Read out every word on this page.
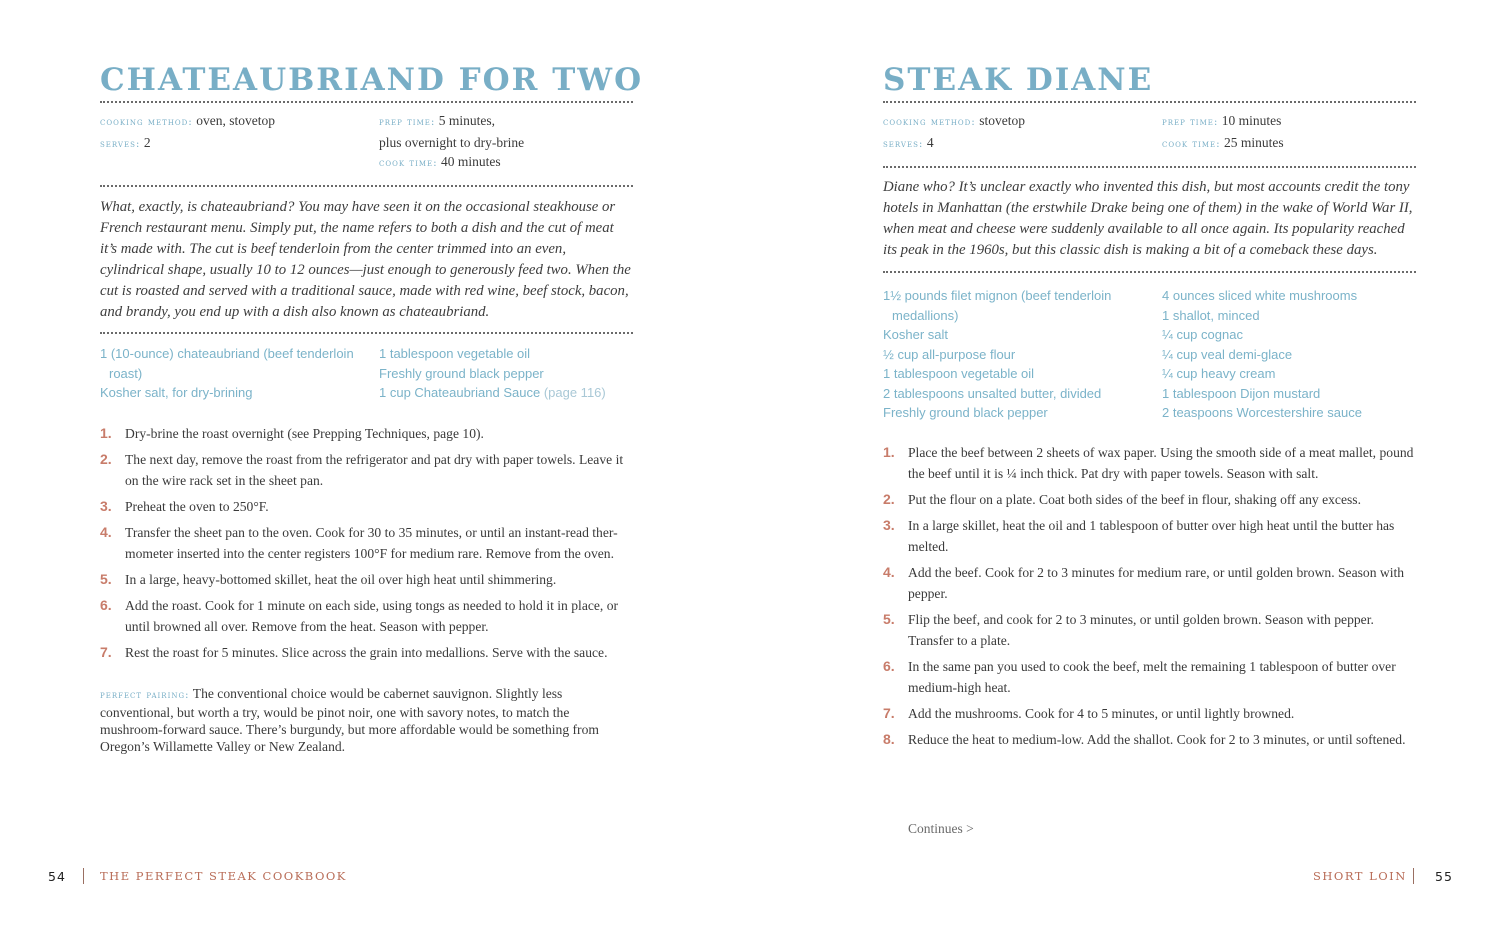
CHATEAUBRIAND FOR TWO
cooking method: oven, stovetop
serves: 2
prep time: 5 minutes,
plus overnight to dry-brine
cook time: 40 minutes

What, exactly, is chateaubriand? You may have seen it on the occasional steakhouse or French restaurant menu. Simply put, the name refers to both a dish and the cut of meat it’s made with. The cut is beef tenderloin from the center trimmed into an even, cylindrical shape, usually 10 to 12 ounces—just enough to generously feed two. When the cut is roasted and served with a traditional sauce, made with red wine, beef stock, bacon, and brandy, you end up with a dish also known as chateaubriand.

1 (10-ounce) chateaubriand (beef tenderloin roast)
Kosher salt, for dry-brining
1 tablespoon vegetable oil
Freshly ground black pepper
1 cup Chateaubriand Sauce (page 116)
1. Dry-brine the roast overnight (see Prepping Techniques, page 10).
2. The next day, remove the roast from the refrigerator and pat dry with paper towels. Leave it on the wire rack set in the sheet pan.
3. Preheat the oven to 250°F.
4. Transfer the sheet pan to the oven. Cook for 30 to 35 minutes, or until an instant-read ther-mometer inserted into the center registers 100°F for medium rare. Remove from the oven.
5. In a large, heavy-bottomed skillet, heat the oil over high heat until shimmering.
6. Add the roast. Cook for 1 minute on each side, using tongs as needed to hold it in place, or until browned all over. Remove from the heat. Season with pepper.
7. Rest the roast for 5 minutes. Slice across the grain into medallions. Serve with the sauce.

perfect pairing: The conventional choice would be cabernet sauvignon. Slightly less conventional, but worth a try, would be pinot noir, one with savory notes, to match the mushroom-forward sauce. There’s burgundy, but more affordable would be something from Oregon’s Willamette Valley or New Zealand.

STEAK DIANE
cooking method: stovetop
serves: 4
prep time: 10 minutes
cook time: 25 minutes

Diane who? It’s unclear exactly who invented this dish, but most accounts credit the tony hotels in Manhattan (the erstwhile Drake being one of them) in the wake of World War II, when meat and cheese were suddenly available to all once again. Its popularity reached its peak in the 1960s, but this classic dish is making a bit of a comeback these days.

1½ pounds filet mignon (beef tenderloin medallions)
Kosher salt
½ cup all-purpose flour
1 tablespoon vegetable oil
2 tablespoons unsalted butter, divided
Freshly ground black pepper
4 ounces sliced white mushrooms
1 shallot, minced
¼ cup cognac
¼ cup veal demi-glace
¼ cup heavy cream
1 tablespoon Dijon mustard
2 teaspoons Worcestershire sauce
1. Place the beef between 2 sheets of wax paper. Using the smooth side of a meat mallet, pound the beef until it is ¼ inch thick. Pat dry with paper towels. Season with salt.
2. Put the flour on a plate. Coat both sides of the beef in flour, shaking off any excess.
3. In a large skillet, heat the oil and 1 tablespoon of butter over high heat until the butter has melted.
4. Add the beef. Cook for 2 to 3 minutes for medium rare, or until golden brown. Season with pepper.
5. Flip the beef, and cook for 2 to 3 minutes, or until golden brown. Season with pepper. Transfer to a plate.
6. In the same pan you used to cook the beef, melt the remaining 1 tablespoon of butter over medium-high heat.
7. Add the mushrooms. Cook for 4 to 5 minutes, or until lightly browned.
8. Reduce the heat to medium-low. Add the shallot. Cook for 2 to 3 minutes, or until softened.
Continues >
54	THE PERFECT STEAK COOKBOOK	SHORT LOIN 55
